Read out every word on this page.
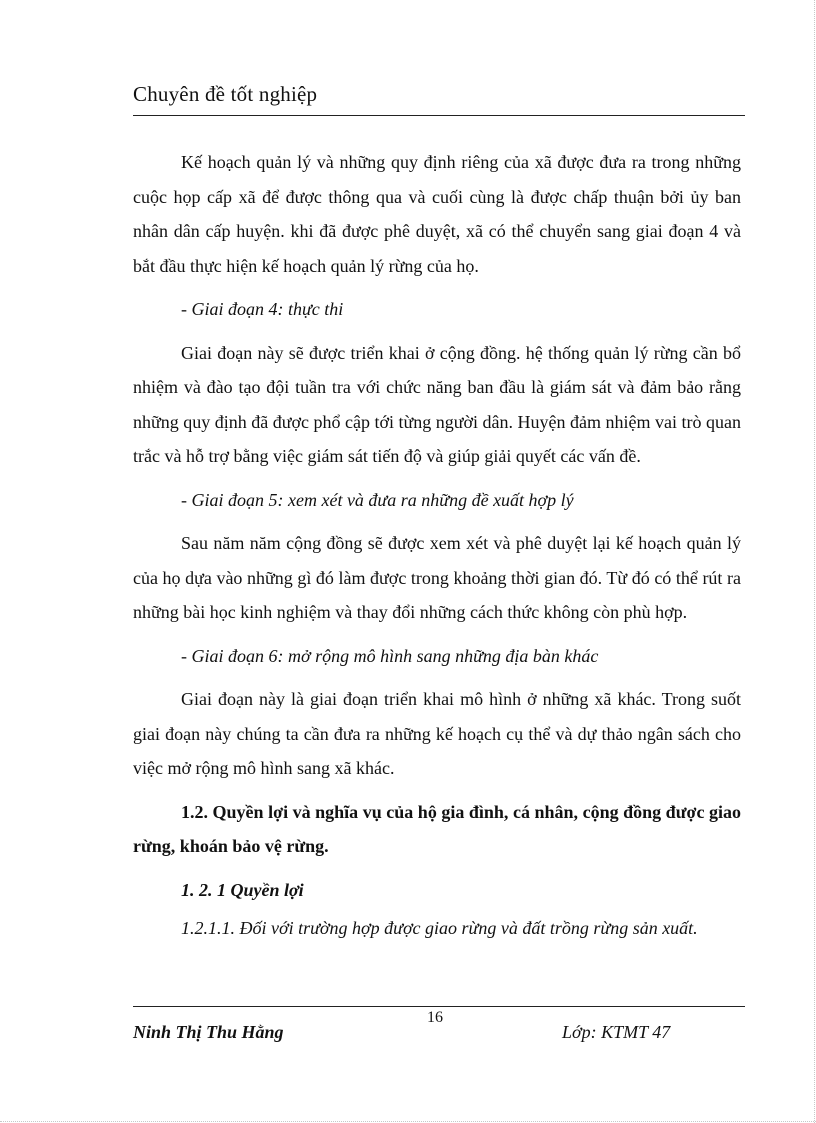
Chuyên đề tốt nghiệp

Kế hoạch quản lý và những quy định riêng của xã được đưa ra trong những cuộc họp cấp xã để được thông qua và cuối cùng là được chấp thuận bởi ủy ban nhân dân cấp huyện. khi đã được phê duyệt, xã có thể chuyển sang giai đoạn 4 và bắt đầu thực hiện kế hoạch quản lý rừng của họ.

- Giai đoạn 4: thực thi

Giai đoạn này sẽ được triển khai ở cộng đồng. hệ thống quản lý rừng cần bổ nhiệm và đào tạo đội tuần tra với chức năng ban đầu là giám sát và đảm bảo rằng những quy định đã được phổ cập tới từng người dân. Huyện đảm nhiệm vai trò quan trắc và hỗ trợ bằng việc giám sát tiến độ và giúp giải quyết các vấn đề.

- Giai đoạn 5: xem xét và đưa ra những đề xuất hợp lý

Sau năm năm cộng đồng sẽ được xem xét và phê duyệt lại kế hoạch quản lý của họ dựa vào những gì đó làm được trong khoảng thời gian đó. Từ đó có thể rút ra những bài học kinh nghiệm và thay đổi những cách thức không còn phù hợp.

- Giai đoạn 6: mở rộng mô hình sang những địa bàn khác

Giai đoạn này là giai đoạn triển khai mô hình ở những xã khác. Trong suốt giai đoạn này chúng ta cần đưa ra những kế hoạch cụ thể và dự thảo ngân sách cho việc mở rộng mô hình sang xã khác.

1.2. Quyền lợi và nghĩa vụ của hộ gia đình, cá nhân, cộng đồng được giao rừng, khoán bảo vệ rừng.

1. 2. 1 Quyền lợi

1.2.1.1. Đối với trường hợp được giao rừng và đất trồng rừng sản xuất.

Ninh Thị Thu Hằng
16
Lớp: KTMT 47
